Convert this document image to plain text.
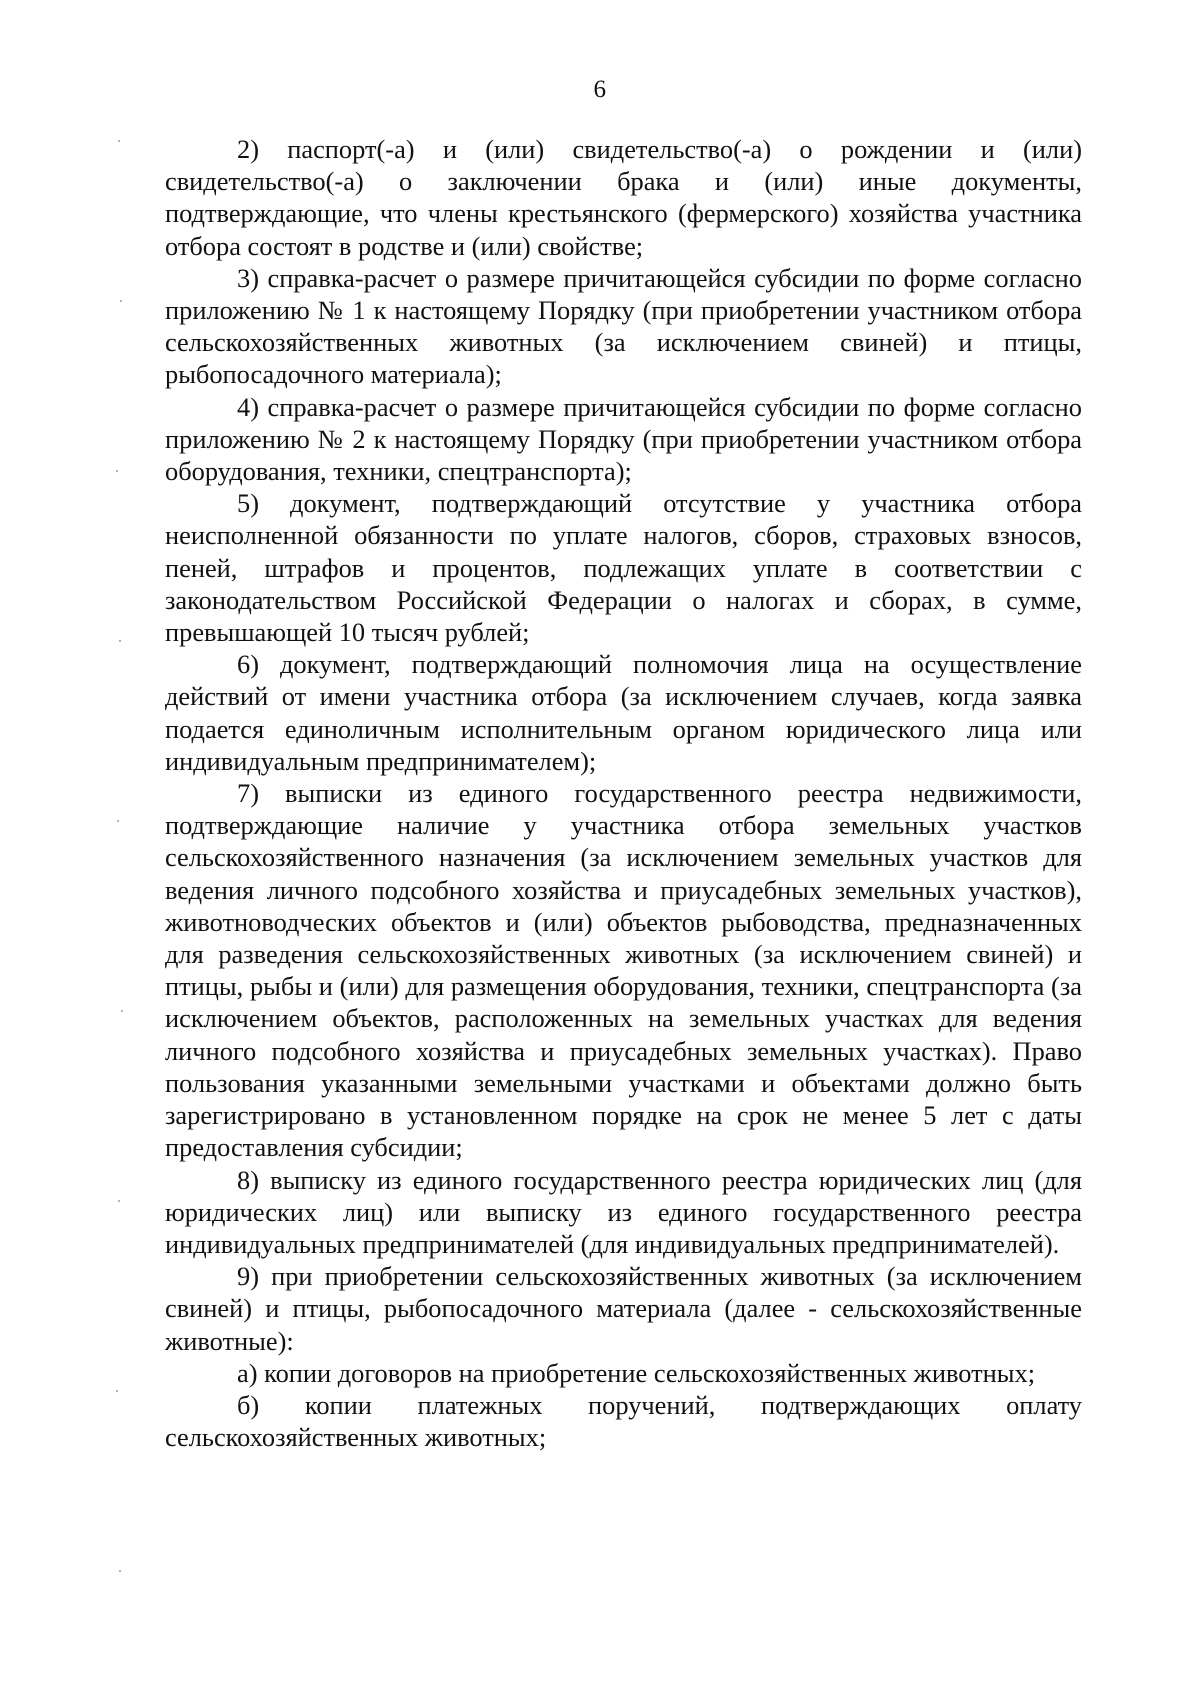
6

2) паспорт(-а) и (или) свидетельство(-а) о рождении и (или) свидетельство(-а) о заключении брака и (или) иные документы, подтверждающие, что члены крестьянского (фермерского) хозяйства участника отбора состоят в родстве и (или) свойстве;

3) справка-расчет о размере причитающейся субсидии по форме согласно приложению № 1 к настоящему Порядку (при приобретении участником отбора сельскохозяйственных животных (за исключением свиней) и птицы, рыбопосадочного материала);

4) справка-расчет о размере причитающейся субсидии по форме согласно приложению № 2 к настоящему Порядку (при приобретении участником отбора оборудования, техники, спецтранспорта);

5) документ, подтверждающий отсутствие у участника отбора неисполненной обязанности по уплате налогов, сборов, страховых взносов, пеней, штрафов и процентов, подлежащих уплате в соответствии с законодательством Российской Федерации о налогах и сборах, в сумме, превышающей 10 тысяч рублей;

6) документ, подтверждающий полномочия лица на осуществление действий от имени участника отбора (за исключением случаев, когда заявка подается единоличным исполнительным органом юридического лица или индивидуальным предпринимателем);

7) выписки из единого государственного реестра недвижимости, подтверждающие наличие у участника отбора земельных участков сельскохозяйственного назначения (за исключением земельных участков для ведения личного подсобного хозяйства и приусадебных земельных участков), животноводческих объектов и (или) объектов рыбоводства, предназначенных для разведения сельскохозяйственных животных (за исключением свиней) и птицы, рыбы и (или) для размещения оборудования, техники, спецтранспорта (за исключением объектов, расположенных на земельных участках для ведения личного подсобного хозяйства и приусадебных земельных участках). Право пользования указанными земельными участками и объектами должно быть зарегистрировано в установленном порядке на срок не менее 5 лет с даты предоставления субсидии;

8) выписку из единого государственного реестра юридических лиц (для юридических лиц) или выписку из единого государственного реестра индивидуальных предпринимателей (для индивидуальных предпринимателей).

9) при приобретении сельскохозяйственных животных (за исключением свиней) и птицы, рыбопосадочного материала (далее - сельскохозяйственные животные):

а) копии договоров на приобретение сельскохозяйственных животных;

б) копии платежных поручений, подтверждающих оплату сельскохозяйственных животных;
